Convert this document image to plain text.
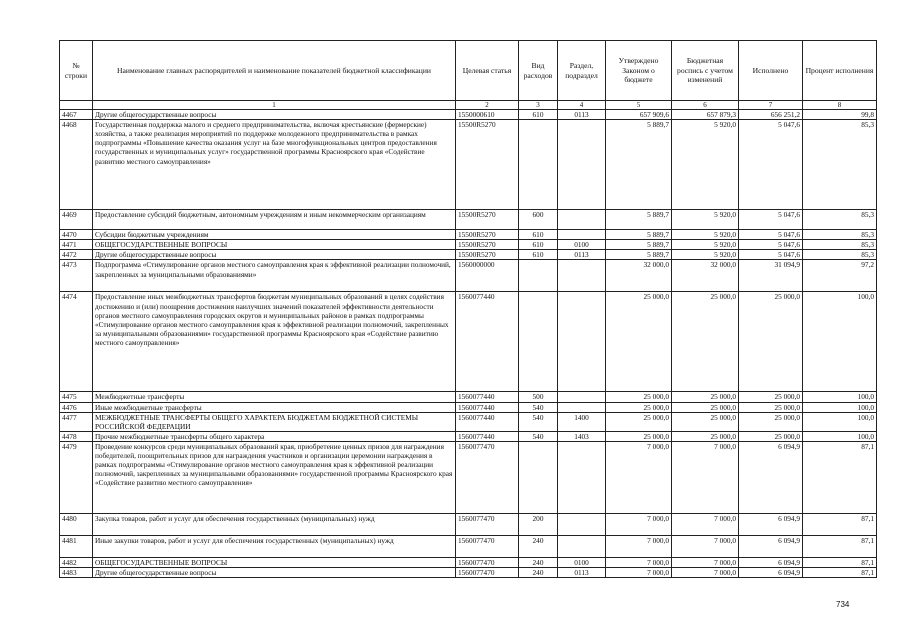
№ строки	Наименование главных распорядителей и наименование показателей бюджетной классификации	Целевая статья	Вид расходов	Раздел, подраздел	Утверждено Законом о бюджете	Бюджетная роспись с учетом изменений	Исполнено	Процент исполнения
	1	2	3	4	5	6	7	8
4467	Другие общегосударственные вопросы	1550000610	610	0113	657 909,6	657 879,3	656 251,2	99,8
4468	Государственная поддержка малого и среднего предпринимательства, включая крестьянские (фермерские) хозяйства, а также реализация мероприятий по поддержке молодежного предпринимательства в рамках подпрограммы «Повышение качества оказания услуг на базе многофункциональных центров предоставления государственных и муниципальных услуг» государственной программы Красноярского края «Содействие развитию местного самоуправления»	15500R5270			5 889,7	5 920,0	5 047,6	85,3
4469	Предоставление субсидий бюджетным, автономным учреждениям и иным некоммерческим организациям	15500R5270	600		5 889,7	5 920,0	5 047,6	85,3
4470	Субсидии бюджетным учреждениям	15500R5270	610		5 889,7	5 920,0	5 047,6	85,3
4471	ОБЩЕГОСУДАРСТВЕННЫЕ ВОПРОСЫ	15500R5270	610	0100	5 889,7	5 920,0	5 047,6	85,3
4472	Другие общегосударственные вопросы	15500R5270	610	0113	5 889,7	5 920,0	5 047,6	85,3
4473	Подпрограмма «Стимулирование органов местного самоуправления края к эффективной реализации полномочий, закрепленных за муниципальными образованиями»	1560000000			32 000,0	32 000,0	31 094,9	97,2
4474	Предоставление иных межбюджетных трансфертов бюджетам муниципальных образований в целях содействия достижению и (или) поощрения достижения наилучших значений показателей эффективности деятельности органов местного самоуправления городских округов и муниципальных районов в рамках подпрограммы «Стимулирование органов местного самоуправления края к эффективной реализации полномочий, закрепленных за муниципальными образованиями» государственной программы Красноярского края «Содействие развитию местного самоуправления»	1560077440			25 000,0	25 000,0	25 000,0	100,0
4475	Межбюджетные трансферты	1560077440	500		25 000,0	25 000,0	25 000,0	100,0
4476	Иные межбюджетные трансферты	1560077440	540		25 000,0	25 000,0	25 000,0	100,0
4477	МЕЖБЮДЖЕТНЫЕ ТРАНСФЕРТЫ ОБЩЕГО ХАРАКТЕРА БЮДЖЕТАМ БЮДЖЕТНОЙ СИСТЕМЫ РОССИЙСКОЙ ФЕДЕРАЦИИ	1560077440	540	1400	25 000,0	25 000,0	25 000,0	100,0
4478	Прочие межбюджетные трансферты общего характера	1560077440	540	1403	25 000,0	25 000,0	25 000,0	100,0
4479	Проведение конкурсов среди муниципальных образований края, приобретение ценных призов для награждения победителей, поощрительных призов для награждения участников и организации церемонии награждения в рамках подпрограммы «Стимулирование органов местного самоуправления края к эффективной реализации полномочий, закрепленных за муниципальными образованиями» государственной программы Красноярского края «Содействие развитию местного самоуправления»	1560077470			7 000,0	7 000,0	6 094,9	87,1
4480	Закупка товаров, работ и услуг для обеспечения государственных (муниципальных) нужд	1560077470	200		7 000,0	7 000,0	6 094,9	87,1
4481	Иные закупки товаров, работ и услуг для обеспечения государственных (муниципальных) нужд	1560077470	240		7 000,0	7 000,0	6 094,9	87,1
4482	ОБЩЕГОСУДАРСТВЕННЫЕ ВОПРОСЫ	1560077470	240	0100	7 000,0	7 000,0	6 094,9	87,1
4483	Другие общегосударственные вопросы	1560077470	240	0113	7 000,0	7 000,0	6 094,9	87,1
734
